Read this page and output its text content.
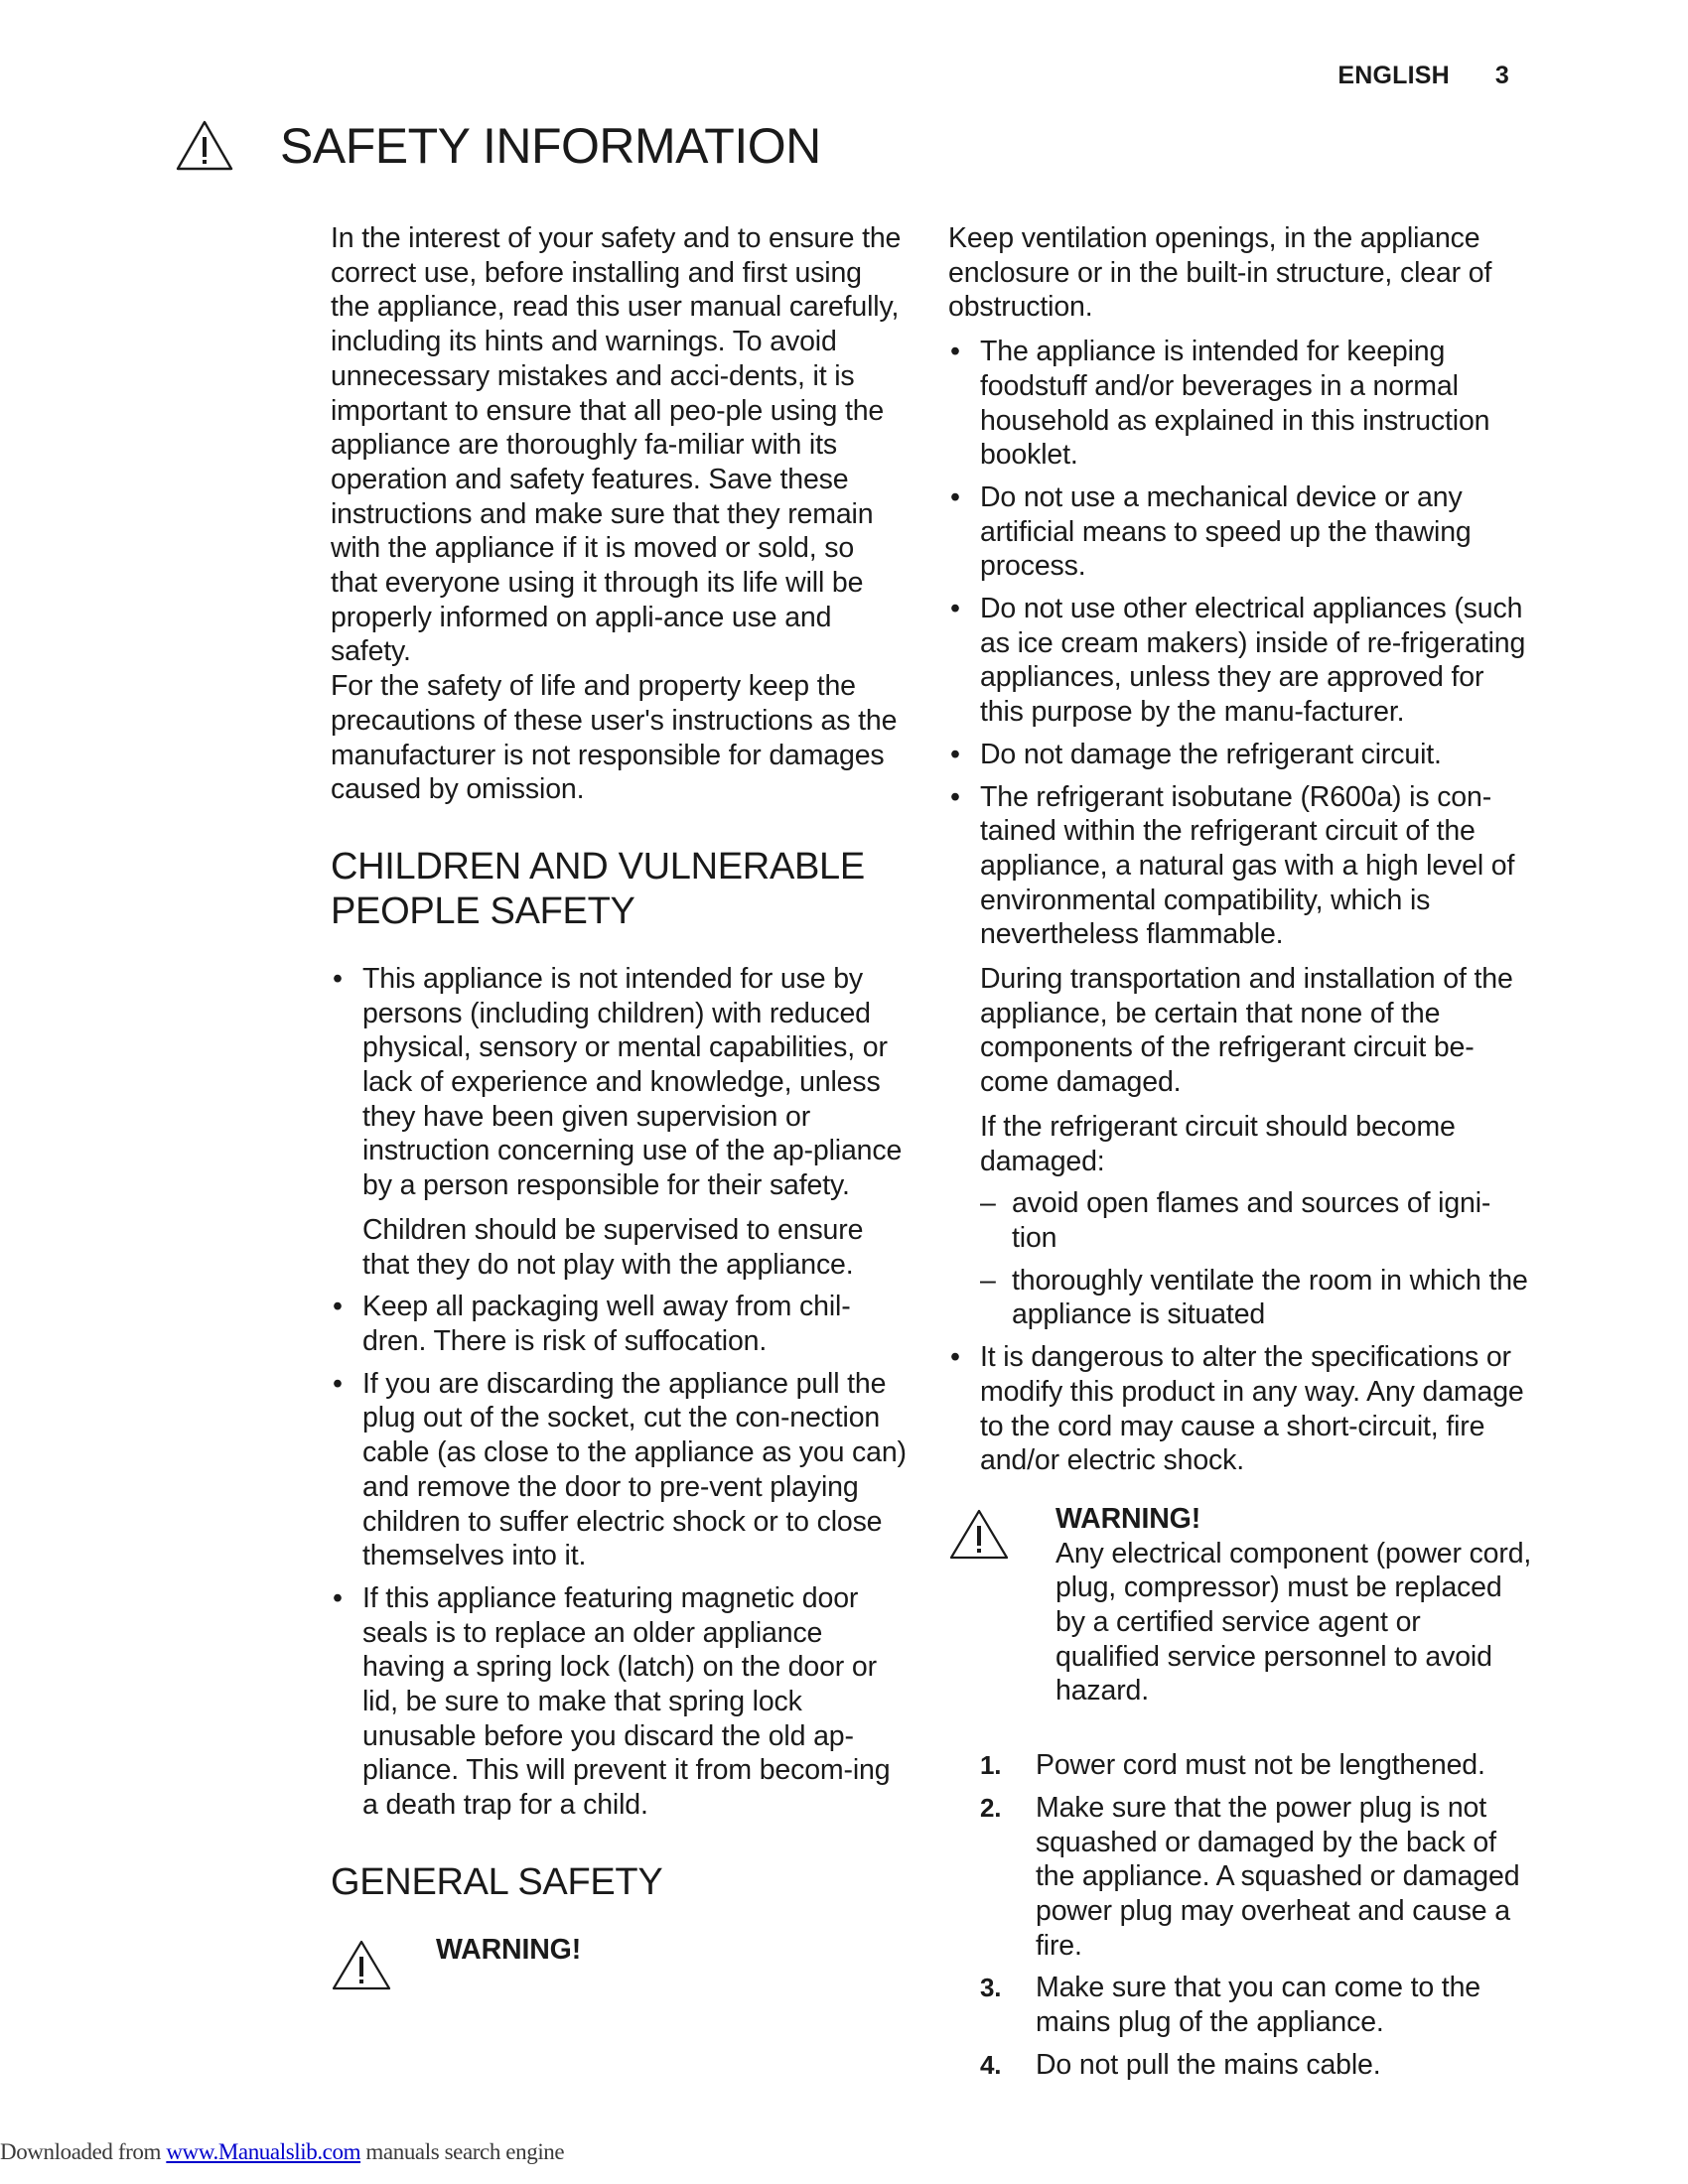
ENGLISH 3
SAFETY INFORMATION

In the interest of your safety and to ensure the correct use, before installing and first using the appliance, read this user manual carefully, including its hints and warnings. To avoid unnecessary mistakes and acci-dents, it is important to ensure that all peo-ple using the appliance are thoroughly fa-miliar with its operation and safety features. Save these instructions and make sure that they remain with the appliance if it is moved or sold, so that everyone using it through its life will be properly informed on appli-ance use and safety.

For the safety of life and property keep the precautions of these user's instructions as the manufacturer is not responsible for damages caused by omission.

CHILDREN AND VULNERABLE PEOPLE SAFETY
• This appliance is not intended for use by persons (including children) with reduced physical, sensory or mental capabilities, or lack of experience and knowledge, unless they have been given supervision or instruction concerning use of the ap-pliance by a person responsible for their safety.

Children should be supervised to ensure that they do not play with the appliance.

• Keep all packaging well away from chil-dren. There is risk of suffocation.
• If you are discarding the appliance pull the plug out of the socket, cut the con-nection cable (as close to the appliance as you can) and remove the door to pre-vent playing children to suffer electric shock or to close themselves into it.
• If this appliance featuring magnetic door seals is to replace an older appliance having a spring lock (latch) on the door or lid, be sure to make that spring lock unusable before you discard the old ap-pliance. This will prevent it from becom-ing a death trap for a child.
GENERAL SAFETY
WARNING!

Keep ventilation openings, in the appliance enclosure or in the built-in structure, clear of obstruction.

• The appliance is intended for keeping foodstuff and/or beverages in a normal household as explained in this instruction booklet.
• Do not use a mechanical device or any artificial means to speed up the thawing process.
• Do not use other electrical appliances (such as ice cream makers) inside of re-frigerating appliances, unless they are approved for this purpose by the manu-facturer.
• Do not damage the refrigerant circuit.
• The refrigerant isobutane (R600a) is con-tained within the refrigerant circuit of the appliance, a natural gas with a high level of environmental compatibility, which is nevertheless flammable.

During transportation and installation of the appliance, be certain that none of the components of the refrigerant circuit be-come damaged.

If the refrigerant circuit should become damaged:

– avoid open flames and sources of igni-tion
– thoroughly ventilate the room in which the appliance is situated
• It is dangerous to alter the specifications or modify this product in any way. Any damage to the cord may cause a short-circuit, fire and/or electric shock.
WARNING!
Any electrical component (power cord, plug, compressor) must be replaced by a certified service agent or qualified service personnel to avoid hazard.
1.	Power cord must not be lengthened.
2.	Make sure that the power plug is not squashed or damaged by the back of the appliance. A squashed or damaged power plug may overheat and cause a fire.
3.	Make sure that you can come to the mains plug of the appliance.
4.	Do not pull the mains cable.
Downloaded from www.Manualslib.com manuals search engine
